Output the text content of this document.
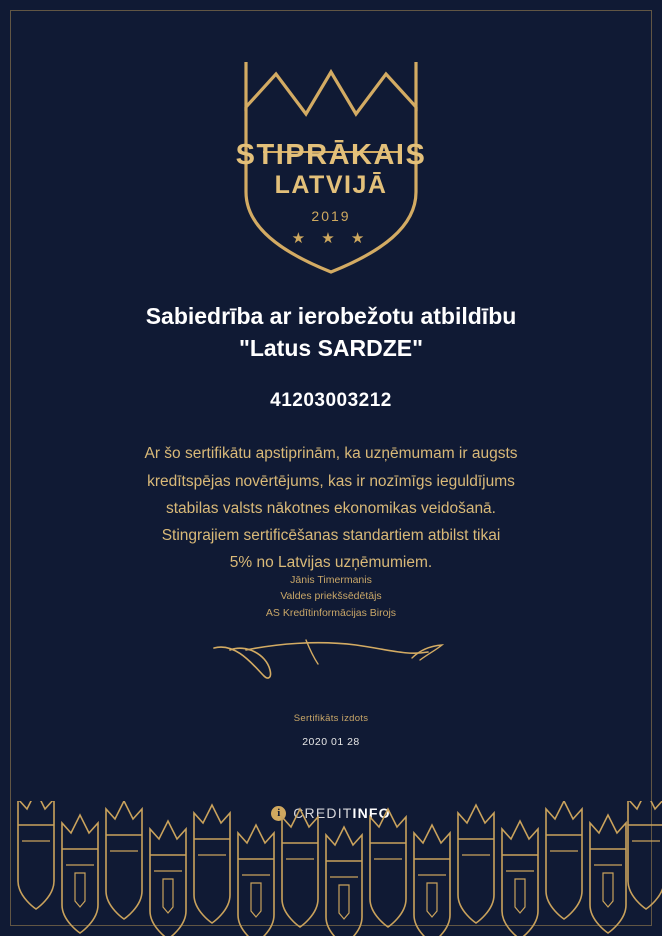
STIPRĀKAIS
LATVIJĀ
2019
★ ★ ★
Sabiedrība ar ierobežotu atbildību
"Latus SARDZE"
41203003212
Ar šo sertifikātu apstiprinām, ka uzņēmumam ir augsts
kredītspējas novērtējums, kas ir nozīmīgs ieguldījums
stabilas valsts nākotnes ekonomikas veidošanā.
Stingrajiem sertificēšanas standartiem atbilst tikai
5% no Latvijas uzņēmumiem.
Jānis Timermanis
Valdes priekšsēdētājs
AS Kredītinformācijas Birojs
Sertifikāts izdots
2020 01 28
i CREDITINFO
